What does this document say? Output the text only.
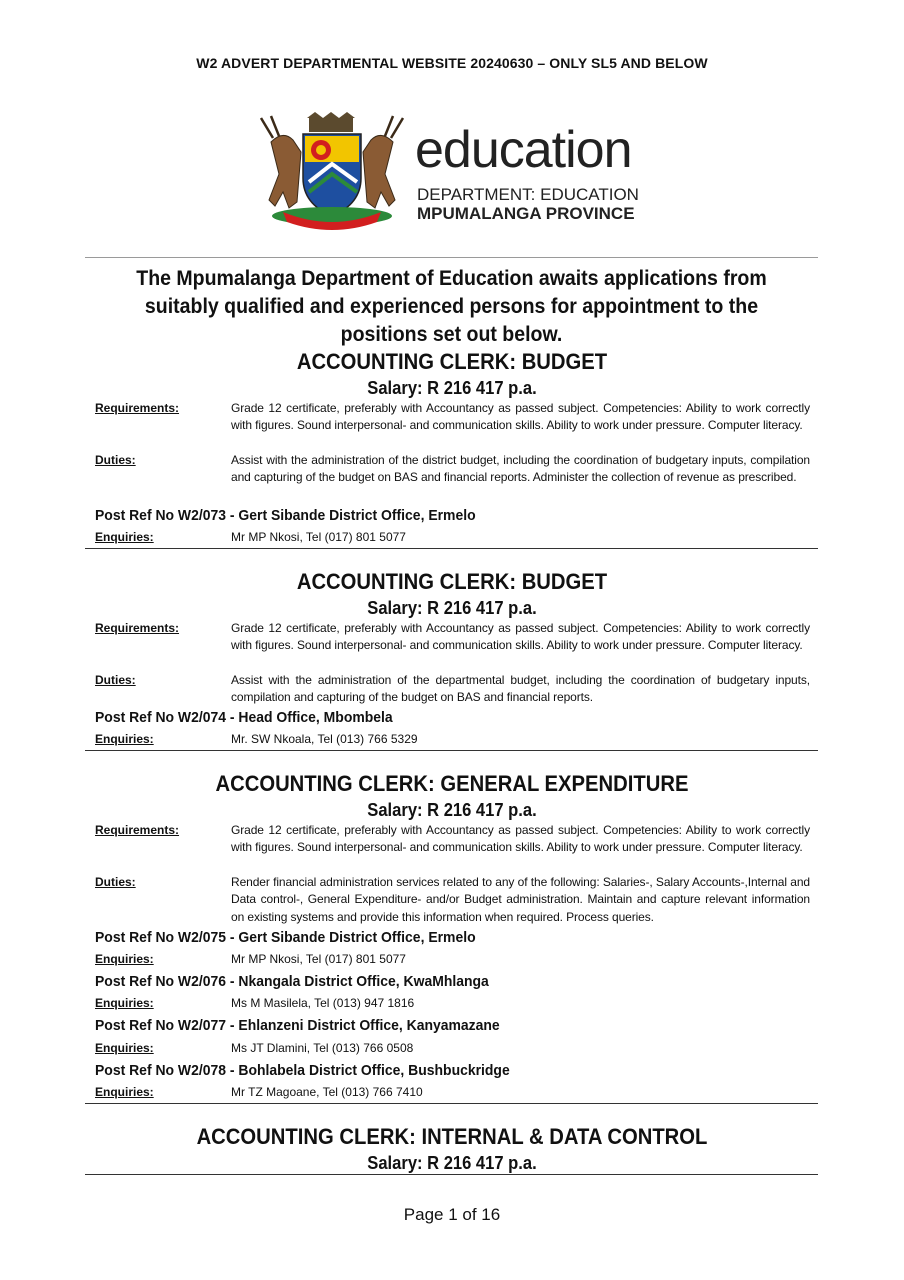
W2 ADVERT DEPARTMENTAL WEBSITE 20240630 – ONLY SL5 AND BELOW
education
DEPARTMENT: EDUCATION
MPUMALANGA PROVINCE
The Mpumalanga Department of Education awaits applications from suitably qualified and experienced persons for appointment to the positions set out below.
ACCOUNTING CLERK: BUDGET
Salary: R 216 417 p.a.
Requirements:	Grade 12 certificate, preferably with Accountancy as passed subject. Competencies: Ability to work correctly with figures. Sound interpersonal- and communication skills. Ability to work under pressure. Computer literacy.
Duties:	Assist with the administration of the district budget, including the coordination of budgetary inputs, compilation and capturing of the budget on BAS and financial reports. Administer the collection of revenue as prescribed.
Post Ref No W2/073 - Gert Sibande District Office, Ermelo
Enquiries:	Mr MP Nkosi, Tel (017) 801 5077
ACCOUNTING CLERK: BUDGET
Salary: R 216 417 p.a.
Requirements:	Grade 12 certificate, preferably with Accountancy as passed subject. Competencies: Ability to work correctly with figures. Sound interpersonal- and communication skills. Ability to work under pressure. Computer literacy.
Duties:	Assist with the administration of the departmental budget, including the coordination of budgetary inputs, compilation and capturing of the budget on BAS and financial reports.
Post Ref No W2/074 - Head Office, Mbombela
Enquiries:	Mr. SW Nkoala, Tel (013) 766 5329
ACCOUNTING CLERK: GENERAL EXPENDITURE
Salary: R 216 417 p.a.
Requirements:	Grade 12 certificate, preferably with Accountancy as passed subject. Competencies: Ability to work correctly with figures. Sound interpersonal- and communication skills. Ability to work under pressure. Computer literacy.
Duties:	Render financial administration services related to any of the following: Salaries-, Salary Accounts-,Internal and Data control-, General Expenditure- and/or Budget administration. Maintain and capture relevant information on existing systems and provide this information when required. Process queries.
Post Ref No W2/075 - Gert Sibande District Office, Ermelo
Enquiries:	Mr MP Nkosi, Tel (017) 801 5077
Post Ref No W2/076 - Nkangala District Office, KwaMhlanga
Enquiries:	Ms M Masilela, Tel (013) 947 1816
Post Ref No W2/077 - Ehlanzeni District Office, Kanyamazane
Enquiries:	Ms JT Dlamini, Tel (013) 766 0508
Post Ref No W2/078 - Bohlabela District Office, Bushbuckridge
Enquiries:	Mr TZ Magoane, Tel (013) 766 7410
ACCOUNTING CLERK: INTERNAL & DATA CONTROL
Salary: R 216 417 p.a.
Page 1 of 16
